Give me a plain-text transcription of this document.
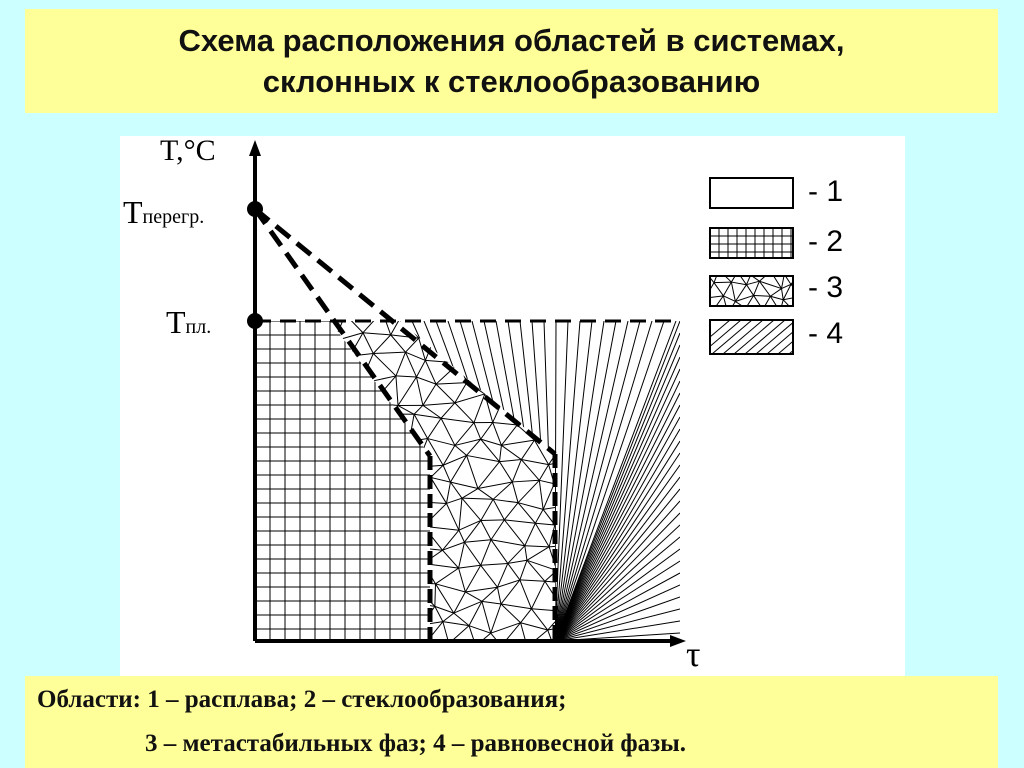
Схема расположения областей в системах,
склонных к стеклообразованию
T,°C
τ
Tперегр.
Tпл.
- 1
- 2
- 3
- 4
Области: 1 – расплава; 2 – стеклообразования;
3 – метастабильных фаз; 4 – равновесной фазы.
